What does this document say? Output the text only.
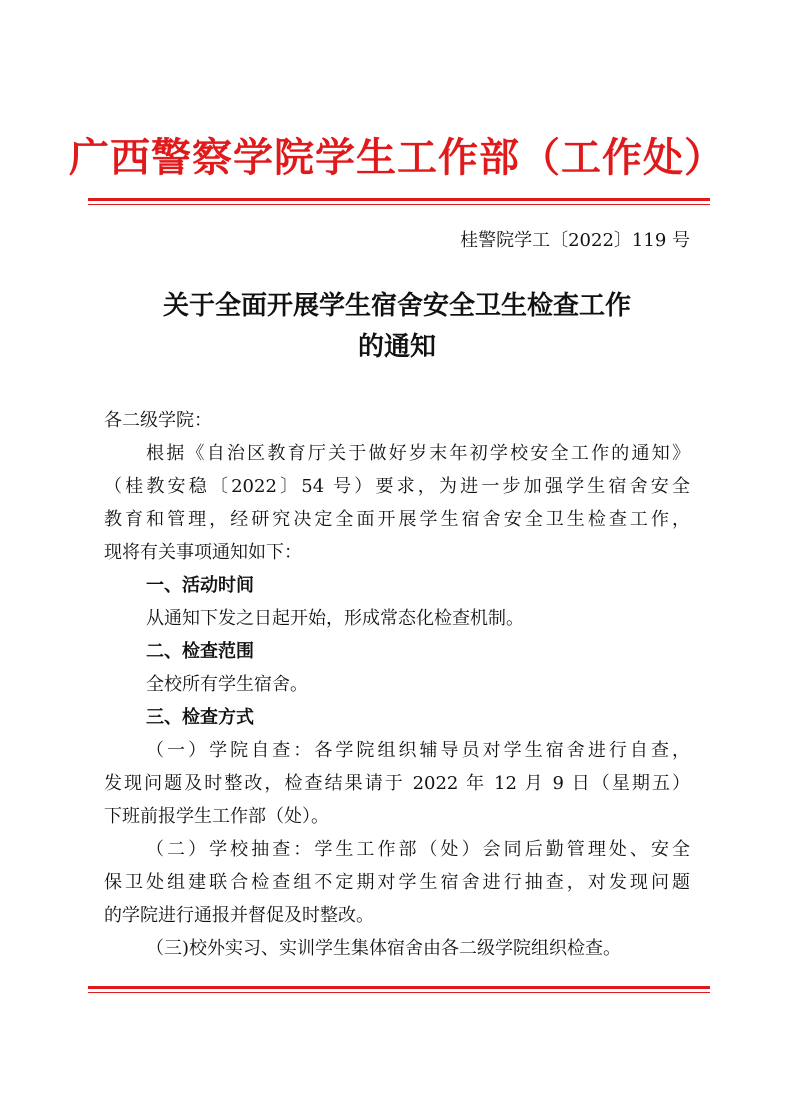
广西警察学院学生工作部（工作处）
桂警院学工〔2022〕119 号
关于全面开展学生宿舍安全卫生检查工作
的通知
各二级学院：
根据《自治区教育厅关于做好岁末年初学校安全工作的通知》
（桂教安稳〔2022〕54 号）要求，为进一步加强学生宿舍安全
教育和管理，经研究决定全面开展学生宿舍安全卫生检查工作，
现将有关事项通知如下：
一、活动时间
从通知下发之日起开始，形成常态化检查机制。
二、检查范围
全校所有学生宿舍。
三、检查方式
（一）学院自查：各学院组织辅导员对学生宿舍进行自查，
发现问题及时整改，检查结果请于 2022 年 12 月 9 日（星期五）
下班前报学生工作部（处）。
（二）学校抽查：学生工作部（处）会同后勤管理处、安全
保卫处组建联合检查组不定期对学生宿舍进行抽查，对发现问题
的学院进行通报并督促及时整改。
（三)校外实习、实训学生集体宿舍由各二级学院组织检查。
